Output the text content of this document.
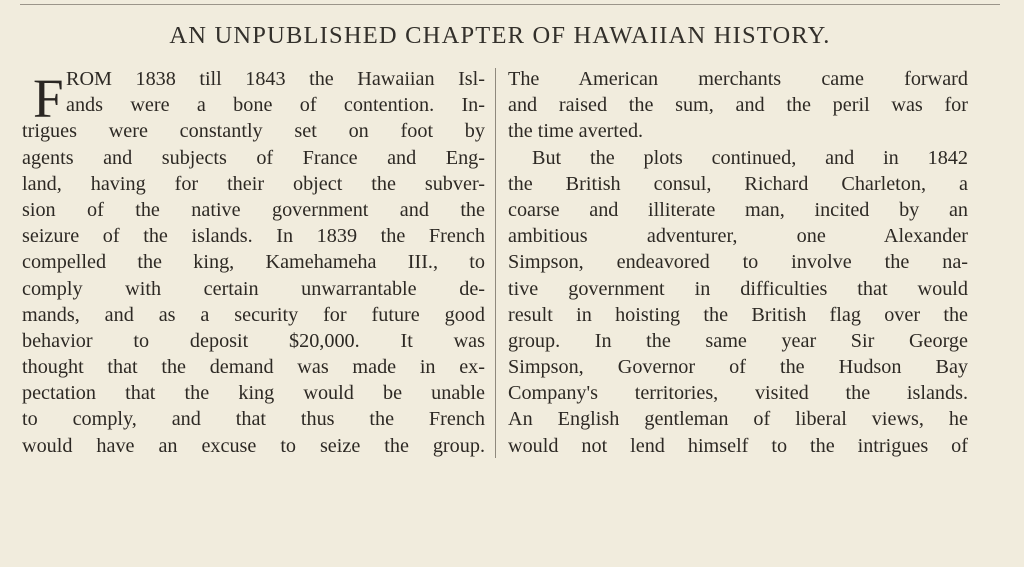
AN UNPUBLISHED CHAPTER OF HAWAIIAN HISTORY.
F ROM 1838 till 1843 the Hawaiian Isl-
ands were a bone of contention. In-
trigues were constantly set on foot by
agents and subjects of France and Eng-
land, having for their object the subver-
sion of the native government and the
seizure of the islands. In 1839 the French
compelled the king, Kamehameha III., to
comply with certain unwarrantable de-
mands, and as a security for future good
behavior to deposit $20,000. It was
thought that the demand was made in ex-
pectation that the king would be unable
to comply, and that thus the French
would have an excuse to seize the group.
The American merchants came forward
and raised the sum, and the peril was for
the time averted.
But the plots continued, and in 1842
the British consul, Richard Charleton, a
coarse and illiterate man, incited by an
ambitious adventurer, one Alexander
Simpson, endeavored to involve the na-
tive government in difficulties that would
result in hoisting the British flag over the
group. In the same year Sir George
Simpson, Governor of the Hudson Bay
Company's territories, visited the islands.
An English gentleman of liberal views, he
would not lend himself to the intrigues of
